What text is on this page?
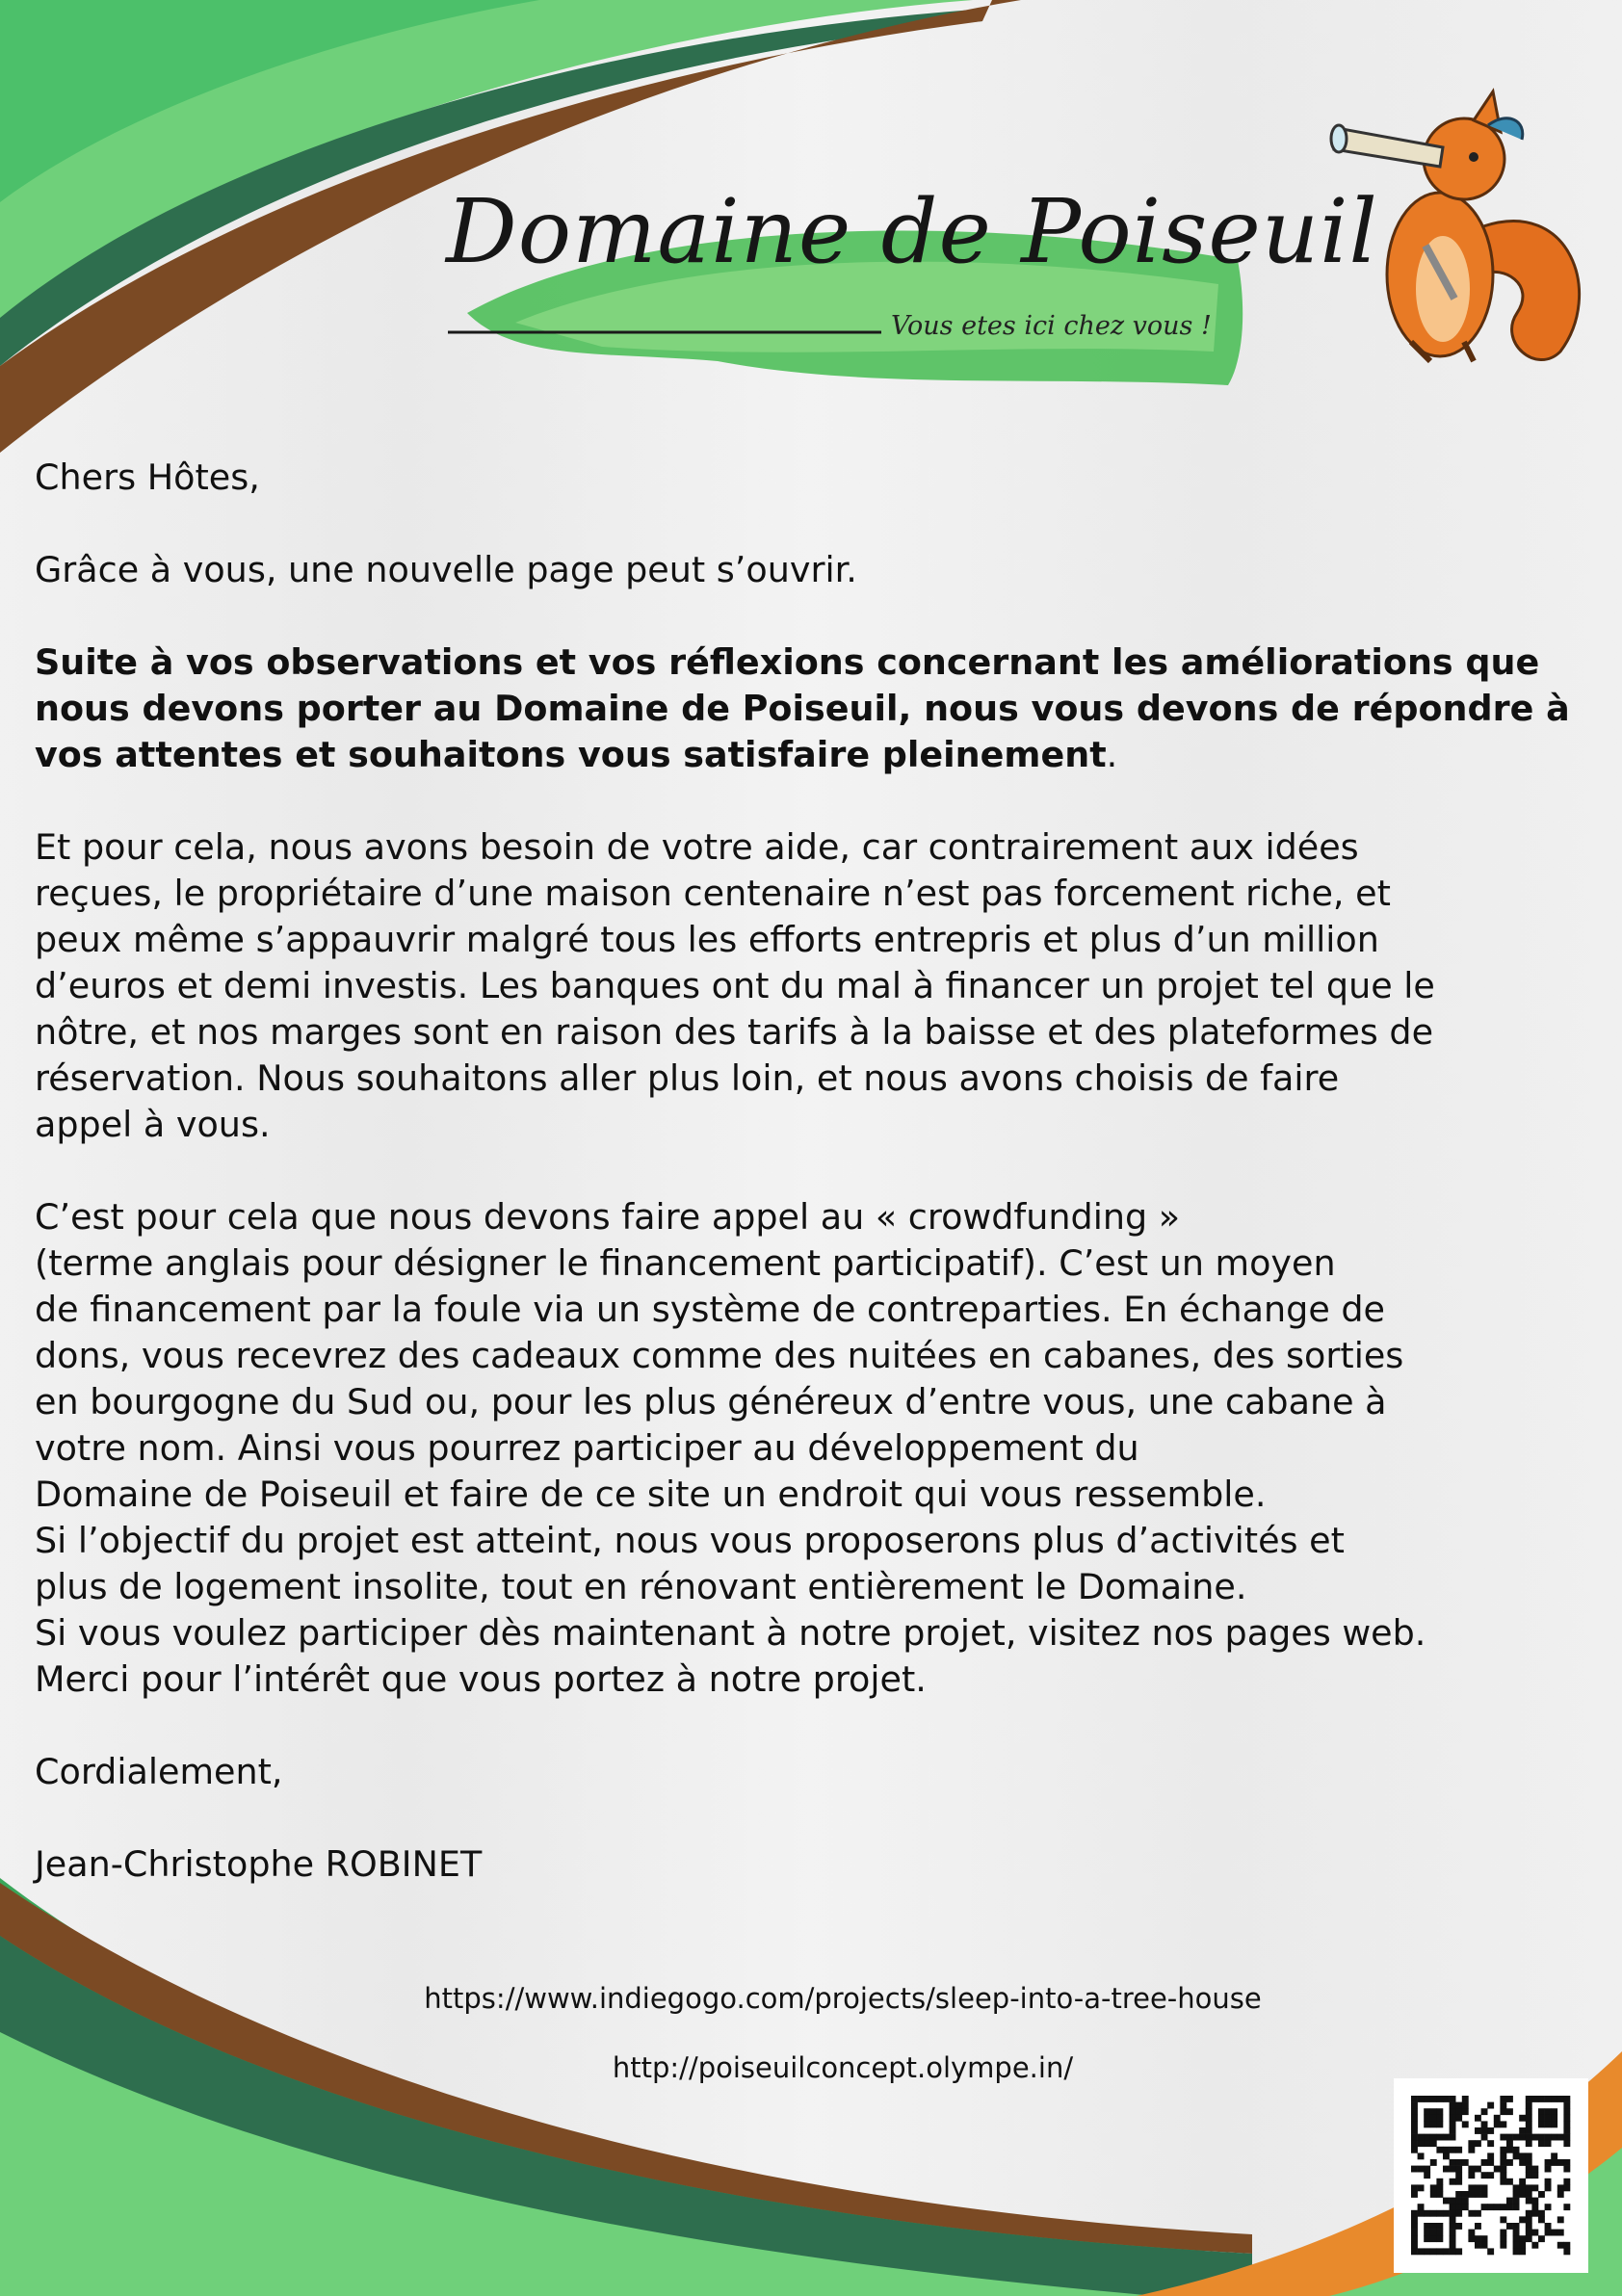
Domaine de Poiseuil
Vous etes ici chez vous !

Chers Hôtes,

Grâce à vous, une nouvelle page peut s’ouvrir.

Suite à vos observations et vos réflexions concernant les améliorations que nous devons porter au Domaine de Poiseuil, nous vous devons de répondre à vos attentes et souhaitons vous satisfaire pleinement.

Et pour cela, nous avons besoin de votre aide, car contrairement aux idées
reçues, le propriétaire d’une maison centenaire n’est pas forcement riche, et
peux même s’appauvrir malgré tous les efforts entrepris et plus d’un million
d’euros et demi investis. Les banques ont du mal à financer un projet tel que le
nôtre, et nos marges sont en raison des tarifs à la baisse et des plateformes de
réservation. Nous souhaitons aller plus loin, et nous avons choisis de faire
appel à vous.

C’est pour cela que nous devons faire appel au « crowdfunding »
(terme anglais pour désigner le financement participatif). C’est un moyen
de financement par la foule via un système de contreparties. En échange de
dons, vous recevrez des cadeaux comme des nuitées en cabanes, des sorties
en bourgogne du Sud ou, pour les plus généreux d’entre vous, une cabane à
votre nom. Ainsi vous pourrez participer au développement du
Domaine de Poiseuil et faire de ce site un endroit qui vous ressemble.
Si l’objectif du projet est atteint, nous vous proposerons plus d’activités et
plus de logement insolite, tout en rénovant entièrement le Domaine.
Si vous voulez participer dès maintenant à notre projet, visitez nos pages web.
Merci pour l’intérêt que vous portez à notre projet.

Cordialement,

Jean-Christophe ROBINET

https://www.indiegogo.com/projects/sleep-into-a-tree-house
http://poiseuilconcept.olympe.in/
